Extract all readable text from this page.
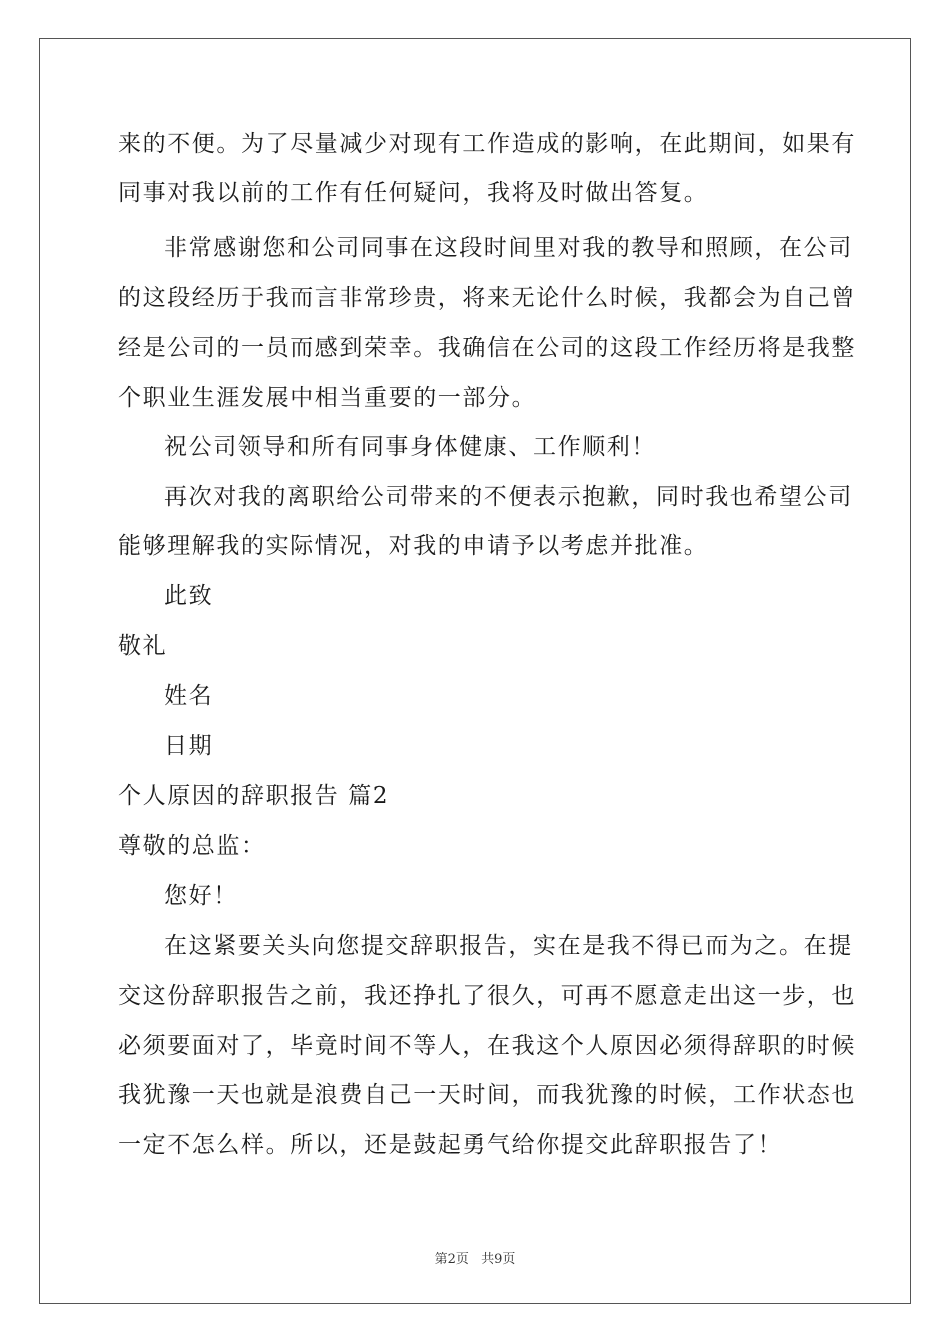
来的不便。为了尽量减少对现有工作造成的影响，在此期间，如果有
同事对我以前的工作有任何疑问，我将及时做出答复。
非常感谢您和公司同事在这段时间里对我的教导和照顾，在公司
的这段经历于我而言非常珍贵，将来无论什么时候，我都会为自己曾
经是公司的一员而感到荣幸。我确信在公司的这段工作经历将是我整
个职业生涯发展中相当重要的一部分。
祝公司领导和所有同事身体健康、工作顺利！
再次对我的离职给公司带来的不便表示抱歉，同时我也希望公司
能够理解我的实际情况，对我的申请予以考虑并批准。
此致
敬礼
姓名
日期
个人原因的辞职报告 篇2
尊敬的总监：
您好！
在这紧要关头向您提交辞职报告，实在是我不得已而为之。在提
交这份辞职报告之前，我还挣扎了很久，可再不愿意走出这一步，也
必须要面对了，毕竟时间不等人，在我这个人原因必须得辞职的时候
我犹豫一天也就是浪费自己一天时间，而我犹豫的时候，工作状态也
一定不怎么样。所以，还是鼓起勇气给你提交此辞职报告了！
第2页 共9页
